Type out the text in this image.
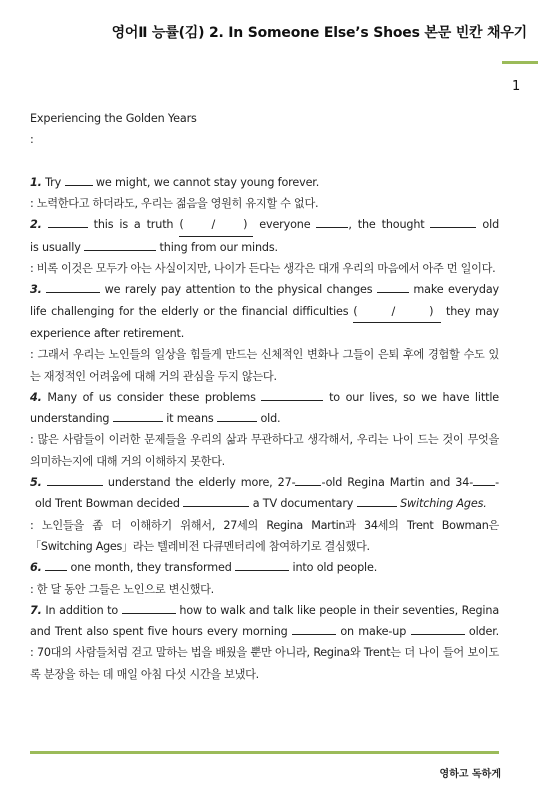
영어Ⅱ 능률(김) 2. In Someone Else’s Shoes 본문 빈칸 채우기
1

Experiencing the Golden Years

:

1. Try	we might, we cannot stay young forever.

: 노력한다고 하더라도, 우리는 젊음을 영원히 유지할 수 없다.

2.	this is a truth (	/	) everyone	, the thought	old

is usually	thing from our minds.

: 비록 이것은 모두가 아는 사실이지만, 나이가 든다는 생각은 대개 우리의 마음에서 아주 먼 일이다.

3.	we rarely pay attention to the physical changes	make everyday

life challenging for the elderly or the financial difficulties (	/	) they may

experience after retirement.

: 그래서 우리는 노인들의 일상을 힘들게 만드는 신체적인 변화나 그들이 은퇴 후에 경험할 수도 있는 재정적인 어려움에 대해 거의 관심을 두지 않는다.

4. Many of us consider these problems	to our lives, so we have little

understanding	it means	old.

: 많은 사람들이 이러한 문제들을 우리의 삶과 무관하다고 생각해서, 우리는 나이 드는 것이 무엇을 의미하는지에 대해 거의 이해하지 못한다.

5.	understand the elderly more, 27- -old Regina Martin and 34- -

old Trent Bowman decided	a TV documentary	Switching Ages.

: 노인들을 좀 더 이해하기 위해서, 27세의 Regina Martin과 34세의 Trent Bowman은 「Switching Ages」라는 텔레비전 다큐멘터리에 참여하기로 결심했다.

6.	one month, they transformed	into old people.

: 한 달 동안 그들은 노인으로 변신했다.

7. In addition to	how to walk and talk like people in their seventies, Regina

and Trent also spent five hours every morning	on make-up	older.

: 70대의 사람들처럼 걷고 말하는 법을 배웠을 뿐만 아니라, Regina와 Trent는 더 나이 들어 보이도록 분장을 하는 데 매일 아침 다섯 시간을 보냈다.

영하고 독하게
